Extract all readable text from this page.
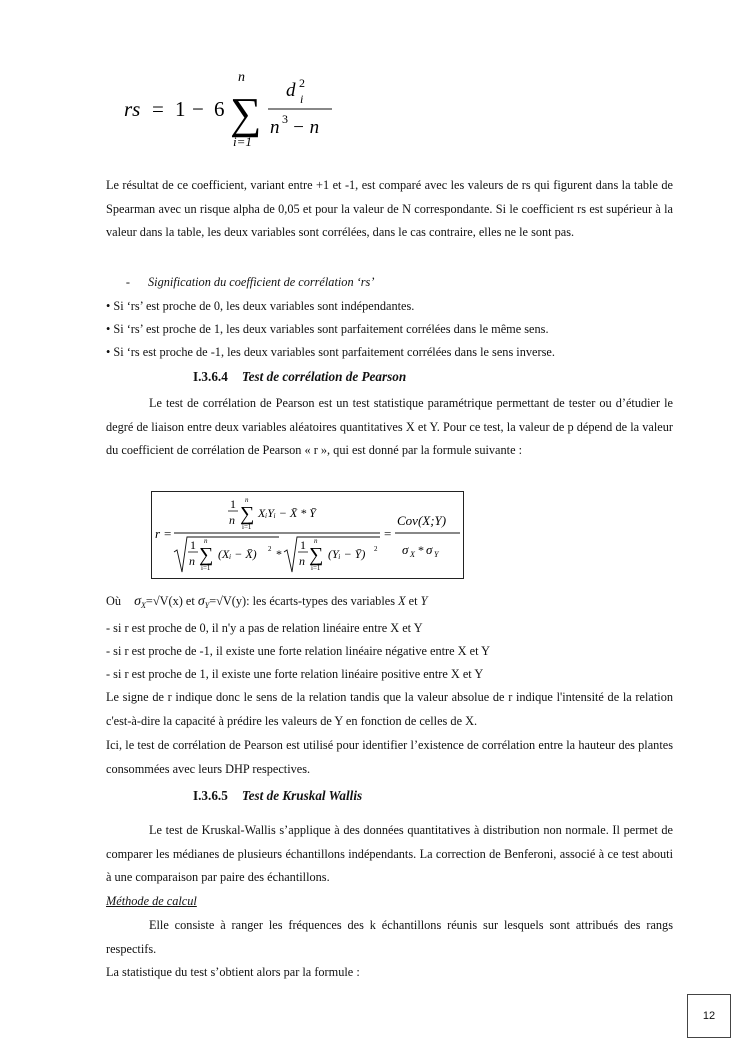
rs = 1 − 6
n
∑
i=1
d 2
i
n 3 − n

Le résultat de ce coefficient, variant entre +1 et -1, est comparé avec les valeurs de rs qui figurent dans la table de Spearman avec un risque alpha de 0,05 et pour la valeur de N correspondante. Si le coefficient rs est supérieur à la valeur dans la table, les deux variables sont corrélées, dans le cas contraire, elles ne le sont pas.

- Signification du coefficient de corrélation ‘rs’
• Si ‘rs’ est proche de 0, les deux variables sont indépendantes.
• Si ‘rs’ est proche de 1, les deux variables sont parfaitement corrélées dans le même sens.
• Si ‘rs est proche de -1, les deux variables sont parfaitement corrélées dans le sens inverse.
I.3.6.4 Test de corrélation de Pearson

Le test de corrélation de Pearson est un test statistique paramétrique permettant de tester ou d’étudier le degré de liaison entre deux variables aléatoires quantitatives X et Y. Pour ce test, la valeur de p dépend de la valeur du coefficient de corrélation de Pearson « r », qui est donné par la formule suivante :

r =
1
n
n
∑
i=1
XᵢYᵢ − X̄ * Ȳ
1
n
n
∑
i=1
(Xᵢ − X̄) 2 *
1
n
n
∑
i=1
(Yᵢ − Ȳ) 2
=
Cov(X;Y)
σ X * σ Y
Où $\sigma_X=√V(x)$ et $\sigma_Y=√V(y)$: les écarts-types des variables X et Y
- si r est proche de 0, il n'y a pas de relation linéaire entre X et Y
- si r est proche de -1, il existe une forte relation linéaire négative entre X et Y
- si r est proche de 1, il existe une forte relation linéaire positive entre X et Y

Le signe de r indique donc le sens de la relation tandis que la valeur absolue de r indique l'intensité de la relation c'est-à-dire la capacité à prédire les valeurs de Y en fonction de celles de X.

Ici, le test de corrélation de Pearson est utilisé pour identifier l’existence de corrélation entre la hauteur des plantes consommées avec leurs DHP respectives.

I.3.6.5 Test de Kruskal Wallis

Le test de Kruskal-Wallis s’applique à des données quantitatives à distribution non normale. Il permet de comparer les médianes de plusieurs échantillons indépendants. La correction de Benferoni, associé à ce test abouti à une comparaison par paire des échantillons.

Méthode de calcul

Elle consiste à ranger les fréquences des k échantillons réunis sur lesquels sont attribués des rangs respectifs.

La statistique du test s’obtient alors par la formule :
12
